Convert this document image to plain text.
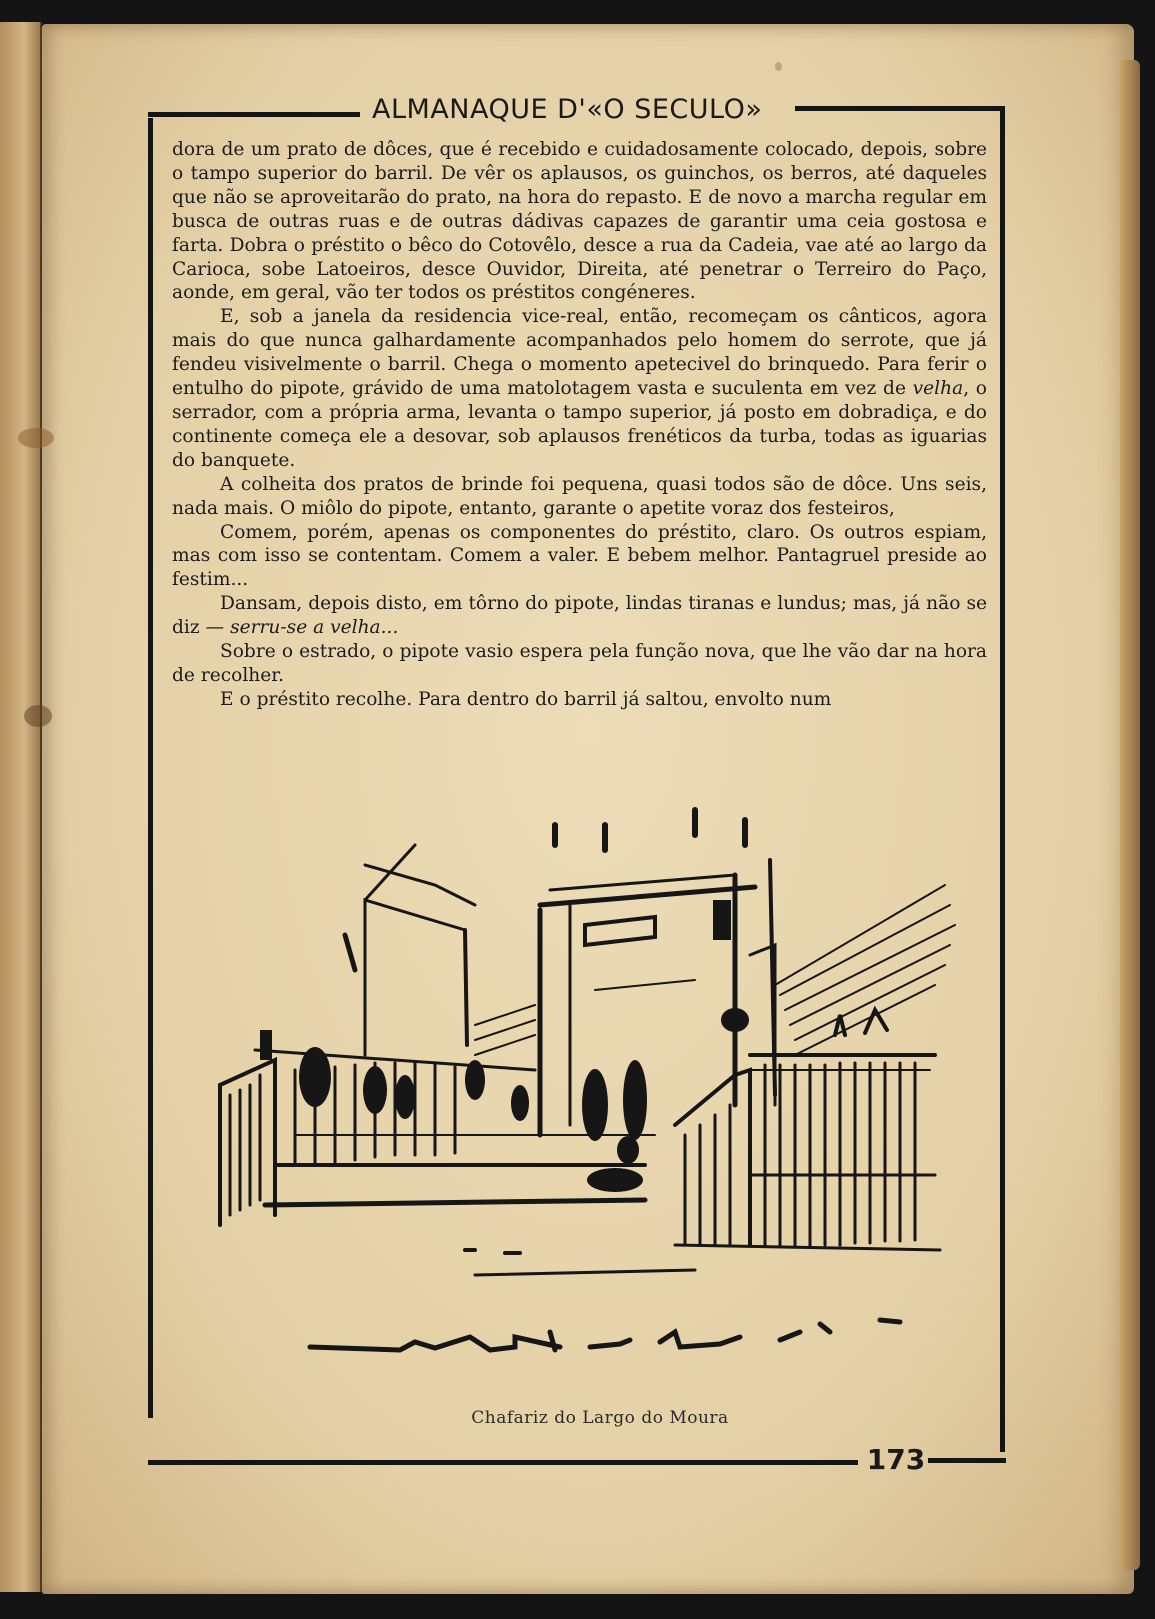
ALMANAQUE D'«O SECULO»

dora de um prato de dôces, que é recebido e cuidadosamente colocado, depois, sobre o tampo superior do barril. De vêr os aplausos, os guinchos, os berros, até daqueles que não se aproveitarão do prato, na hora do repasto. E de novo a marcha regular em busca de outras ruas e de outras dádivas capazes de garantir uma ceia gostosa e farta. Dobra o préstito o bêco do Cotovêlo, desce a rua da Cadeia, vae até ao largo da Carioca, sobe Latoeiros, desce Ouvidor, Direita, até penetrar o Terreiro do Paço, aonde, em geral, vão ter todos os préstitos congéneres.

E, sob a janela da residencia vice-real, então, recomeçam os cânticos, agora mais do que nunca galhardamente acompanhados pelo homem do serrote, que já fendeu visivelmente o barril. Chega o momento apetecivel do brinquedo. Para ferir o entulho do pipote, grávido de uma matolotagem vasta e suculenta em vez de velha, o serrador, com a própria arma, levanta o tampo superior, já posto em dobradiça, e do continente começa ele a desovar, sob aplausos frenéticos da turba, todas as iguarias do banquete.

A colheita dos pratos de brinde foi pequena, quasi todos são de dôce. Uns seis, nada mais. O miôlo do pipote, entanto, garante o apetite voraz dos festeiros,

Comem, porém, apenas os componentes do préstito, claro. Os outros espiam, mas com isso se contentam. Comem a valer. E bebem melhor. Pantagruel preside ao festim...

Dansam, depois disto, em tôrno do pipote, lindas tiranas e lundus; mas, já não se diz — serru-se a velha...

Sobre o estrado, o pipote vasio espera pela função nova, que lhe vão dar na hora de recolher.

E o préstito recolhe. Para dentro do barril já saltou, envolto num

Chafariz do Largo do Moura
173
